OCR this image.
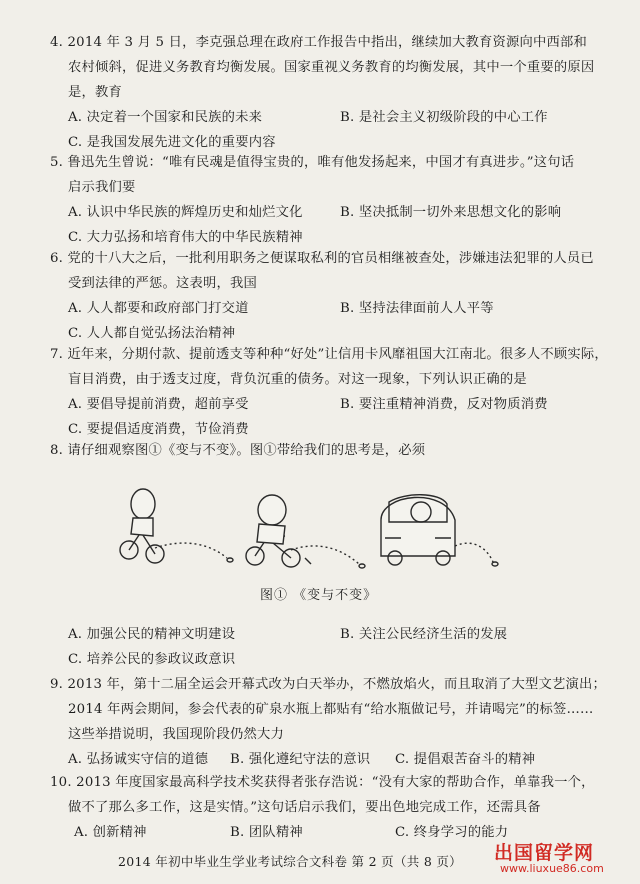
4. 2014 年 3 月 5 日，李克强总理在政府工作报告中指出，继续加大教育资源向中西部和

农村倾斜，促进义务教育均衡发展。国家重视义务教育的均衡发展，其中一个重要的原因

是，教育

A. 决定着一个国家和民族的未来	B. 是社会主义初级阶段的中心工作
C. 是我国发展先进文化的重要内容

5. 鲁迅先生曾说：“唯有民魂是值得宝贵的，唯有他发扬起来，中国才有真进步。”这句话

启示我们要

A. 认识中华民族的辉煌历史和灿烂文化	B. 坚决抵制一切外来思想文化的影响
C. 大力弘扬和培育伟大的中华民族精神

6. 党的十八大之后，一批利用职务之便谋取私利的官员相继被查处，涉嫌违法犯罪的人员已

受到法律的严惩。这表明，我国

A. 人人都要和政府部门打交道	B. 坚持法律面前人人平等
C. 人人都自觉弘扬法治精神

7. 近年来，分期付款、提前透支等种种“好处”让信用卡风靡祖国大江南北。很多人不顾实际，

盲目消费，由于透支过度，背负沉重的债务。对这一现象，下列认识正确的是

A. 要倡导提前消费，超前享受	B. 要注重精神消费，反对物质消费
C. 要提倡适度消费，节俭消费

8. 请仔细观察图①《变与不变》。图①带给我们的思考是，必须

图① 《变与不变》
A. 加强公民的精神文明建设	B. 关注公民经济生活的发展
C. 培养公民的参政议政意识

9. 2013 年，第十二届全运会开幕式改为白天举办，不燃放焰火，而且取消了大型文艺演出；

2014 年两会期间，参会代表的矿泉水瓶上都贴有“给水瓶做记号，并请喝完”的标签……

这些举措说明，我国现阶段仍然大力

A. 弘扬诚实守信的道德 B. 强化遵纪守法的意识 C. 提倡艰苦奋斗的精神

10. 2013 年度国家最高科学技术奖获得者张存浩说：“没有大家的帮助合作，单靠我一个，

做不了那么多工作，这是实情。”这句话启示我们，要出色地完成工作，还需具备

A. 创新精神	B. 团队精神	C. 终身学习的能力
2014 年初中毕业生学业考试综合文科卷 第 2 页（共 8 页） 出国留学网
www.liuxue86.com
